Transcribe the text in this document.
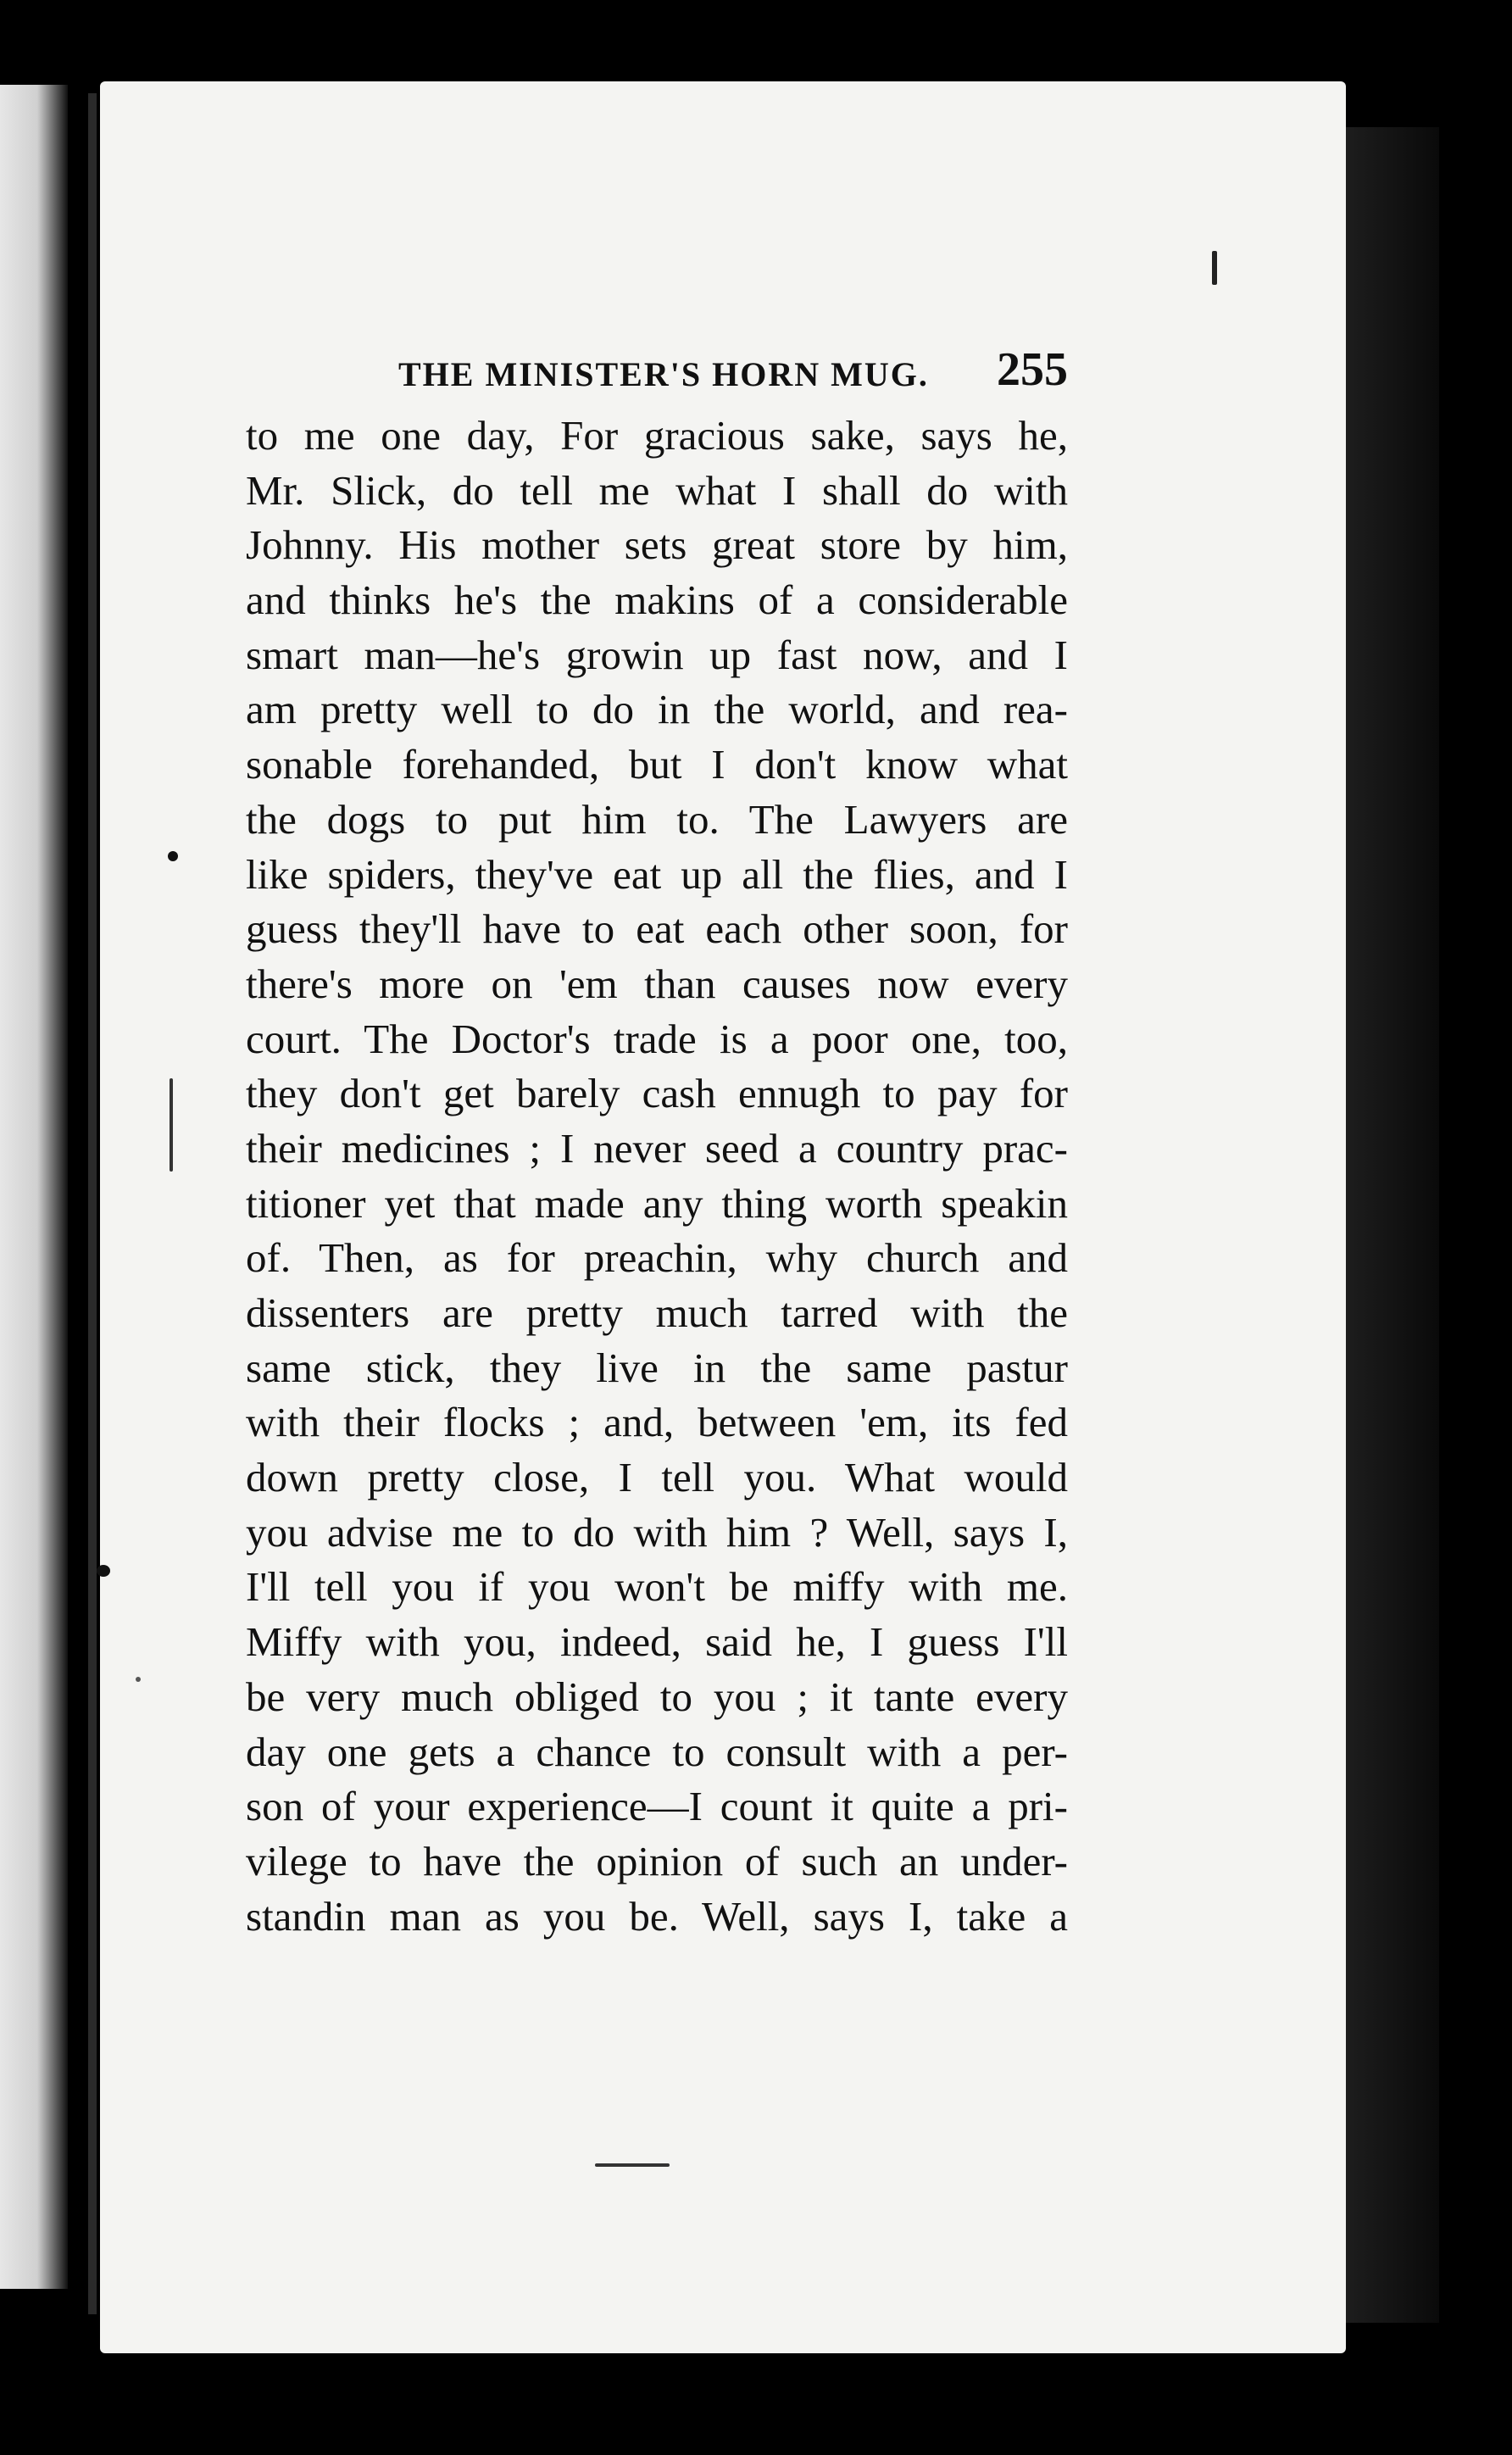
THE MINISTER'S HORN MUG. 255
to me one day, For gracious sake, says he,
Mr. Slick, do tell me what I shall do with
Johnny. His mother sets great store by him,
and thinks he's the makins of a considerable
smart man—he's growin up fast now, and I
am pretty well to do in the world, and rea-
sonable forehanded, but I don't know what
the dogs to put him to. The Lawyers are
like spiders, they've eat up all the flies, and I
guess they'll have to eat each other soon, for
there's more on 'em than causes now every
court. The Doctor's trade is a poor one, too,
they don't get barely cash ennugh to pay for
their medicines ; I never seed a country prac-
titioner yet that made any thing worth speakin
of. Then, as for preachin, why church and
dissenters are pretty much tarred with the
same stick, they live in the same pastur
with their flocks ; and, between 'em, its fed
down pretty close, I tell you. What would
you advise me to do with him ? Well, says I,
I'll tell you if you won't be miffy with me.
Miffy with you, indeed, said he, I guess I'll
be very much obliged to you ; it tante every
day one gets a chance to consult with a per-
son of your experience—I count it quite a pri-
vilege to have the opinion of such an under-
standin man as you be. Well, says I, take a
